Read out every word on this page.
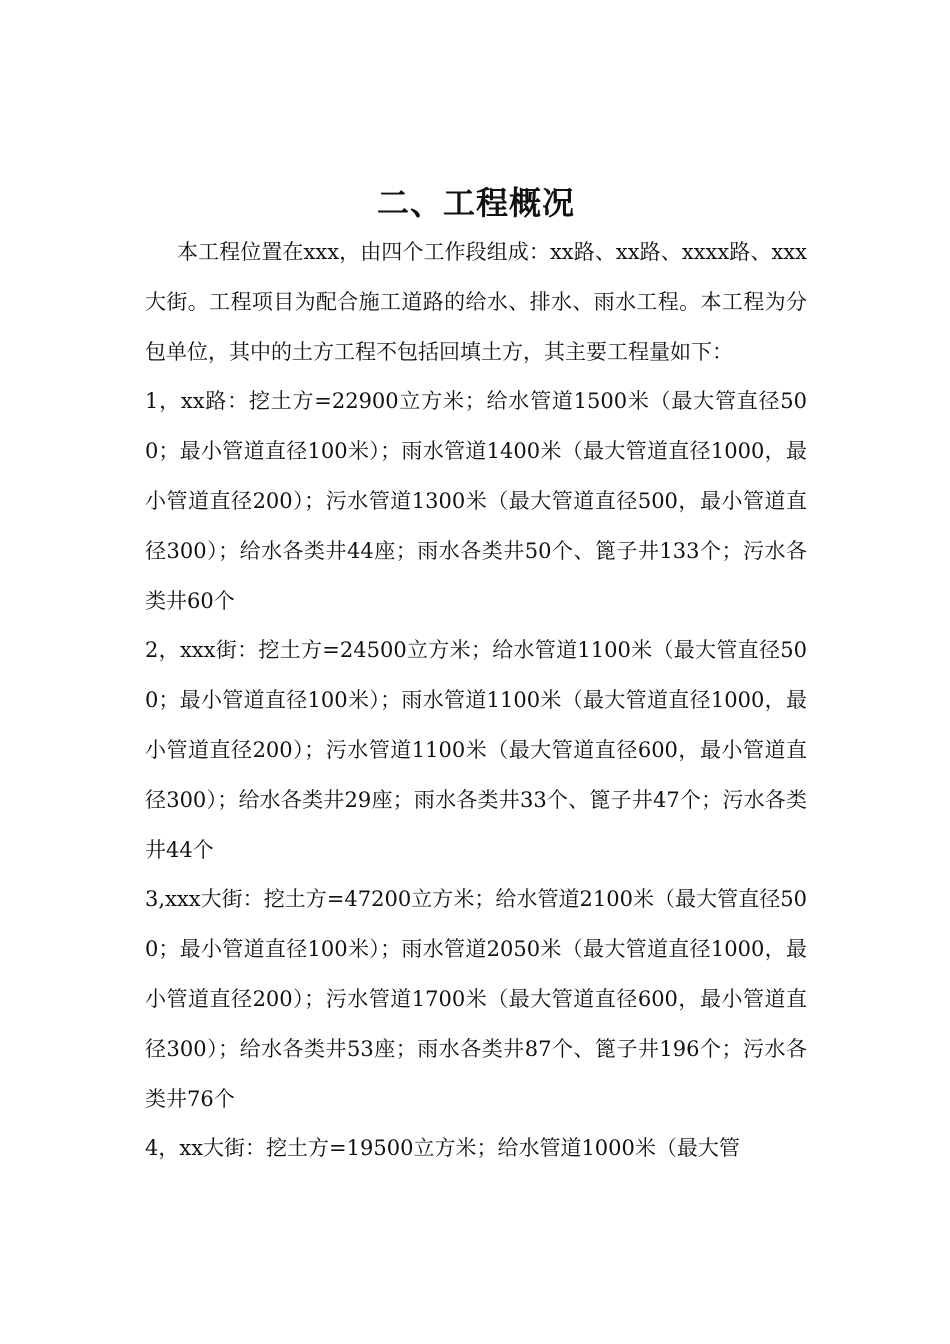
二、工程概况

本工程位置在xxx，由四个工作段组成：xx路、xx路、xxxx路、xxx大街。工程项目为配合施工道路的给水、排水、雨水工程。本工程为分包单位，其中的土方工程不包括回填土方，其主要工程量如下：

1，xx路：挖土方=22900立方米；给水管道1500米（最大管直径500；最小管道直径100米）；雨水管道1400米（最大管道直径1000，最小管道直径200）；污水管道1300米（最大管道直径500，最小管道直径300）；给水各类井44座；雨水各类井50个、篦子井133个；污水各类井60个

2，xxx街：挖土方=24500立方米；给水管道1100米（最大管直径500；最小管道直径100米）；雨水管道1100米（最大管道直径1000，最小管道直径200）；污水管道1100米（最大管道直径600，最小管道直径300）；给水各类井29座；雨水各类井33个、篦子井47个；污水各类井44个

3,xxx大街：挖土方=47200立方米；给水管道2100米（最大管直径500；最小管道直径100米）；雨水管道2050米（最大管道直径1000，最小管道直径200）；污水管道1700米（最大管道直径600，最小管道直径300）；给水各类井53座；雨水各类井87个、篦子井196个；污水各类井76个

4，xx大街：挖土方=19500立方米；给水管道1000米（最大管
